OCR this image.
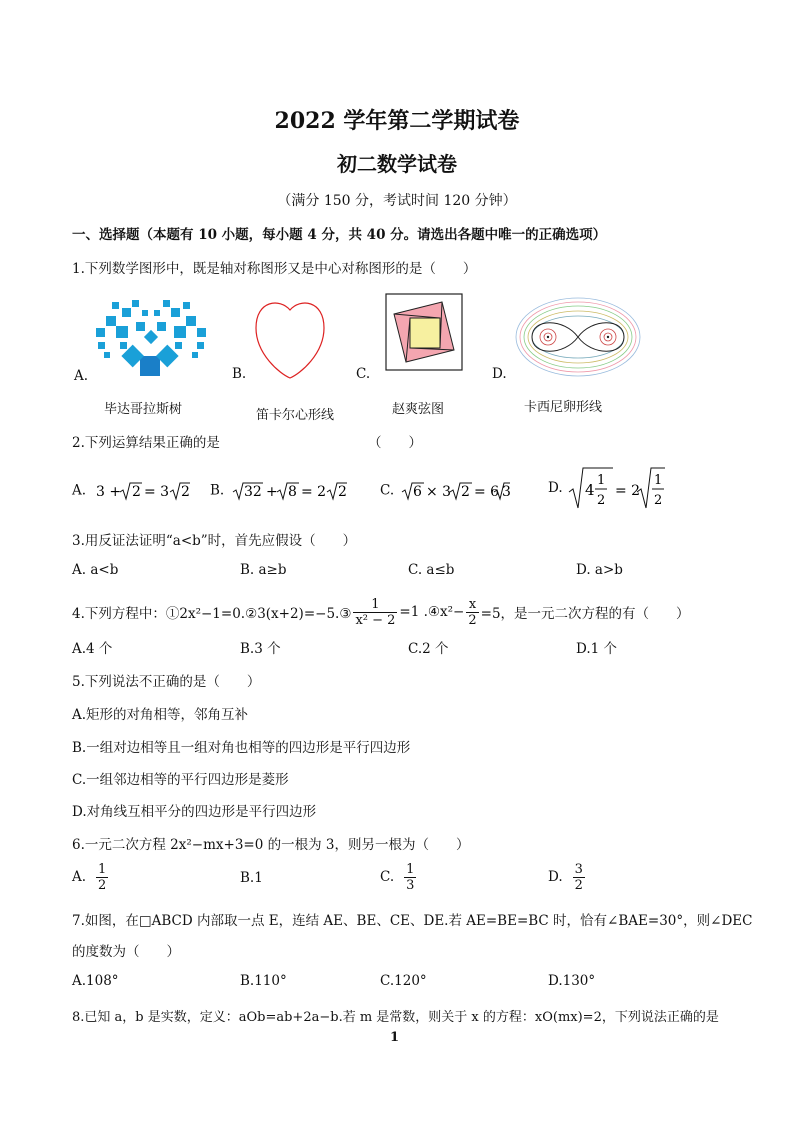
2022 学年第二学期试卷
初二数学试卷
（满分 150 分，考试时间 120 分钟）
一、选择题（本题有 10 小题，每小题 4 分，共 40 分。请选出各题中唯一的正确选项）
1.下列数学图形中，既是轴对称图形又是中心对称图形的是（　　）
A.
毕达哥拉斯树
B.
笛卡尔心形线
C.
赵爽弦图
D.
卡西尼卵形线
2.下列运算结果正确的是	（　　）
A. 3 + 2 = 3 2 B. 32 + 8 = 2 2 C. 6 × 3 2 = 6 3	D. 4
1
2
= 2
1
2
3.用反证法证明“a<b”时，首先应假设（　　）
A. a<b	B. a≥b	C. a≤b	D. a>b
4.下列方程中：①2x²−1=0.②3(x+2)=−5.③ $\frac{1}{\text{x² − 2}} =1$ .④x²− $\frac{x}{2} =5$，是一元二次方程的有（　　）
A.4 个	B.3 个	C.2 个	D.1 个
5.下列说法不正确的是（　　）
A.矩形的对角相等，邻角互补
B.一组对边相等且一组对角也相等的四边形是平行四边形
C.一组邻边相等的平行四边形是菱形
D.对角线互相平分的四边形是平行四边形
6.一元二次方程 2x²−mx+3=0 的一根为 3，则另一根为（　　）
A. $\frac{1}{2}$	B.1	C. $\frac{1}{3}$	D. $\frac{3}{2}$
7.如图，在□ABCD 内部取一点 E，连结 AE、BE、CE、DE.若 AE=BE=BC 时，恰有∠BAE=30°，则∠DEC
的度数为（　　）
A.108°	B.110°	C.120°	D.130°
8.已知 a，b 是实数，定义：aOb=ab+2a−b.若 m 是常数，则关于 x 的方程：xO(mx)=2，下列说法正确的是
1
